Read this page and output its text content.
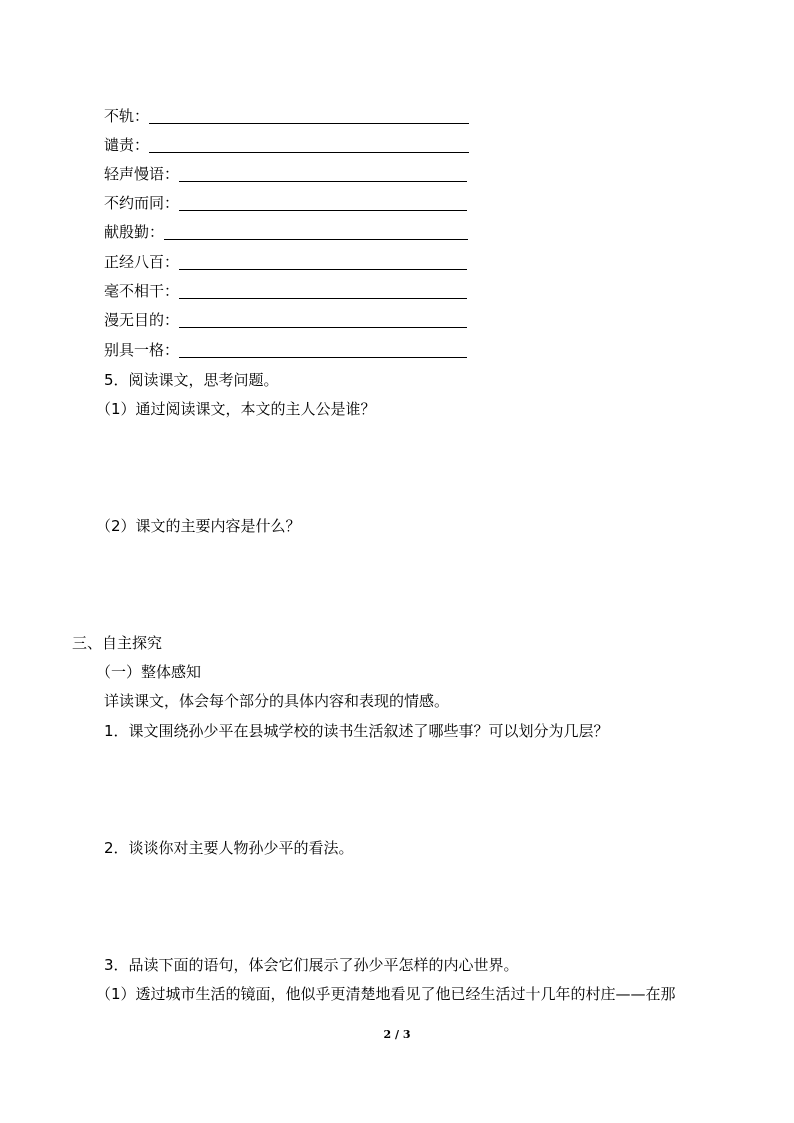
不轨：
谴责：
轻声慢语：
不约而同：
献殷勤：
正经八百：
毫不相干：
漫无目的：
别具一格：
5．阅读课文，思考问题。
（1）通过阅读课文，本文的主人公是谁？
（2）课文的主要内容是什么？
三、自主探究
（一）整体感知
详读课文，体会每个部分的具体内容和表现的情感。
1．课文围绕孙少平在县城学校的读书生活叙述了哪些事？可以划分为几层？
2．谈谈你对主要人物孙少平的看法。
3．品读下面的语句，体会它们展示了孙少平怎样的内心世界。
（1）透过城市生活的镜面，他似乎更清楚地看见了他已经生活过十几年的村庄——在那
2 / 3
